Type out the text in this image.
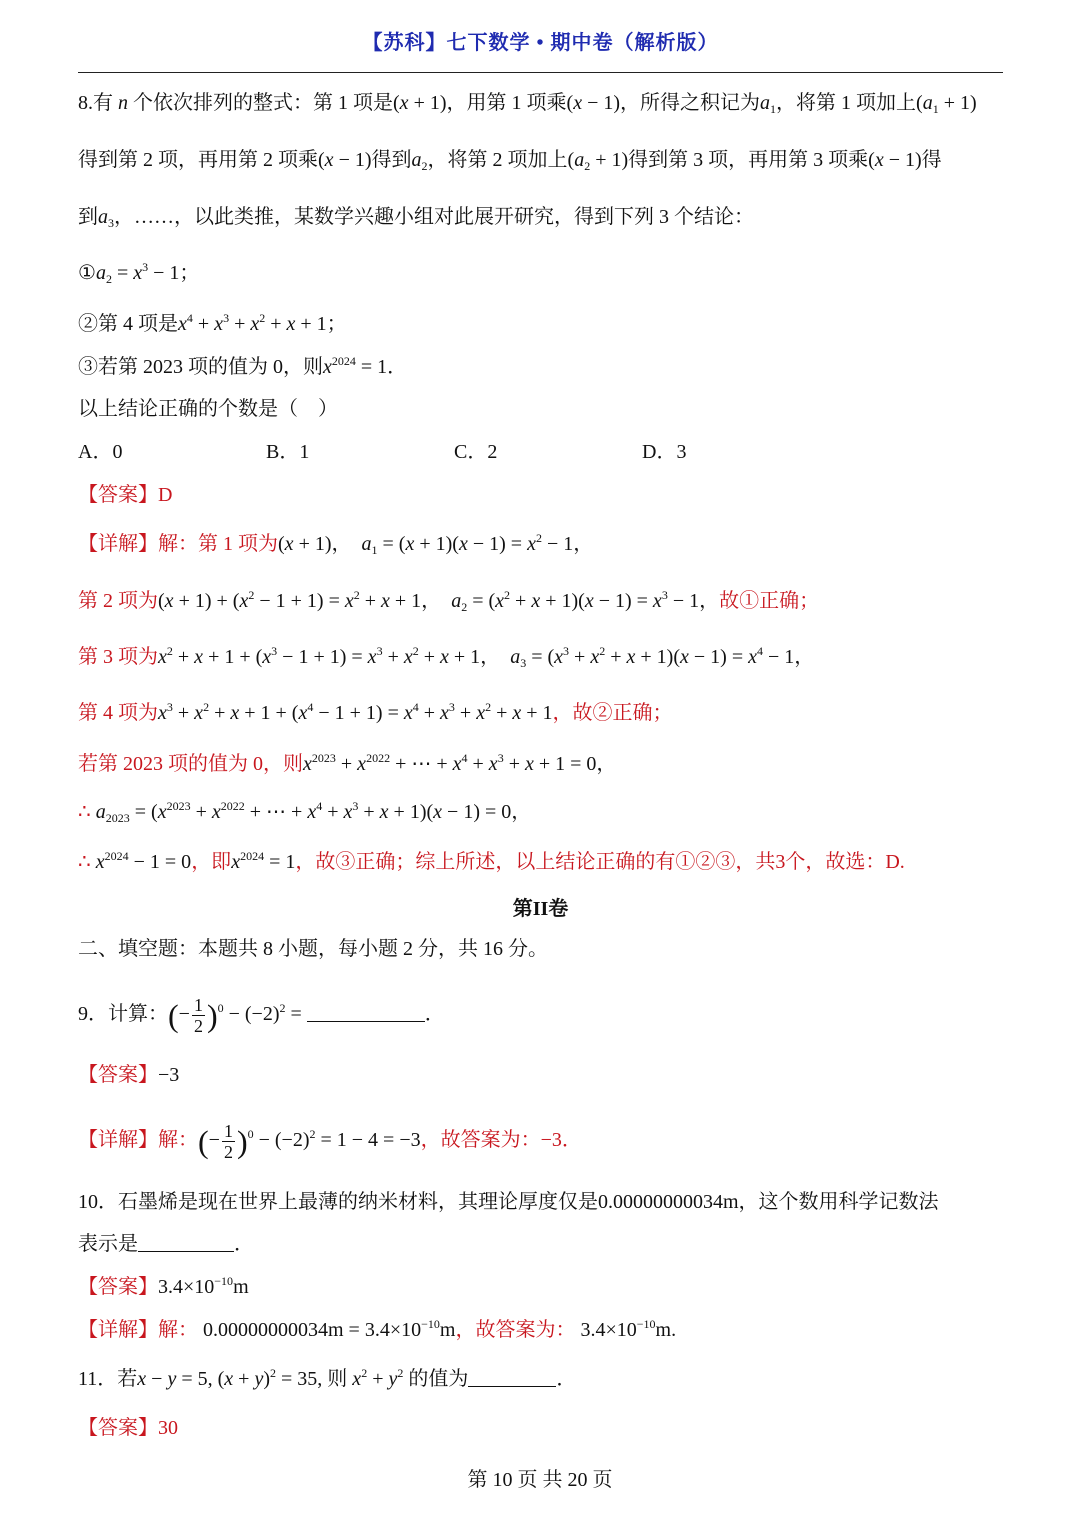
【苏科】七下数学 • 期中卷（解析版）
8.有 n 个依次排列的整式：第 1 项是(x + 1)，用第 1 项乘(x − 1)，所得之积记为$a_1$，将第 1 项加上$(a_1 + 1)$
得到第 2 项，再用第 2 项乘(x − 1)得到$a_2$，将第 2 项加上$(a_2 + 1)$得到第 3 项，再用第 3 项乘(x − 1)得
到$a_3$，……，以此类推，某数学兴趣小组对此展开研究，得到下列 3 个结论：
$①a_2 = x^3 - 1$；
②第 4 项是$x^4 + x^3 + x^2 + x + 1$；
③若第 2023 项的值为 0，则$x^{2024} = 1$．
以上结论正确的个数是（　）
A．0	B．1	C．2	D．3
【答案】D
【详解】解：第 1 项为(x + 1)，  $a_1 = (x + 1)(x - 1) = x^2 - 1$，
第 2 项为$(x + 1) + (x^2 - 1 + 1) = x^2 + x + 1$，  $a_2 = (x^2 + x + 1)(x - 1) = x^3 - 1$，故①正确；
第 3 项为$x^2 + x + 1 + (x^3 - 1 + 1) = x^3 + x^2 + x + 1$，  $a_3 = (x^3 + x^2 + x + 1)(x - 1) = x^4 - 1$，
第 4 项为$x^3 + x^2 + x + 1 + (x^4 - 1 + 1) = x^4 + x^3 + x^2 + x + 1$，故②正确；
若第 2023 项的值为 0，则$x^{2023} + x^{2022}$ + ⋯ + $x^4 + x^3 + x + 1 = 0$，
∴ $a_{2023} = (x^{2023} + x^{2022}$ + ⋯ + $x^4 + x^3 + x + 1)(x - 1) = 0$，
∴ $x^{2024} - 1 = 0$，即$x^{2024} = 1$，故③正确；综上所述，以上结论正确的有①②③，共3个，故选：D.
第II卷
二、填空题：本题共 8 小题，每小题 2 分，共 16 分。
9．计算：(− $\frac{1}{2} )^0 - (-2)^2$ =	．
【答案】−3
【详解】解：(− $\frac{1}{2} )^0 - (-2)^2 = 1 - 4 = -3$，故答案为：−3．
10．石墨烯是现在世界上最薄的纳米材料，其理论厚度仅是0.00000000034m，这个数用科学记数法
表示是	．
【答案】$3.4\times 10^{-10}m$
【详解】解： $0.00000000034m = 3.4\times 10^{-10}m$，故答案为： $3.4\times 10^{-10}m$.
11．若x − y = 5, $(x + y)^2 = 35$, 则 $x^2 + y^2$ 的值为	．
【答案】30
第 10 页 共 20 页
